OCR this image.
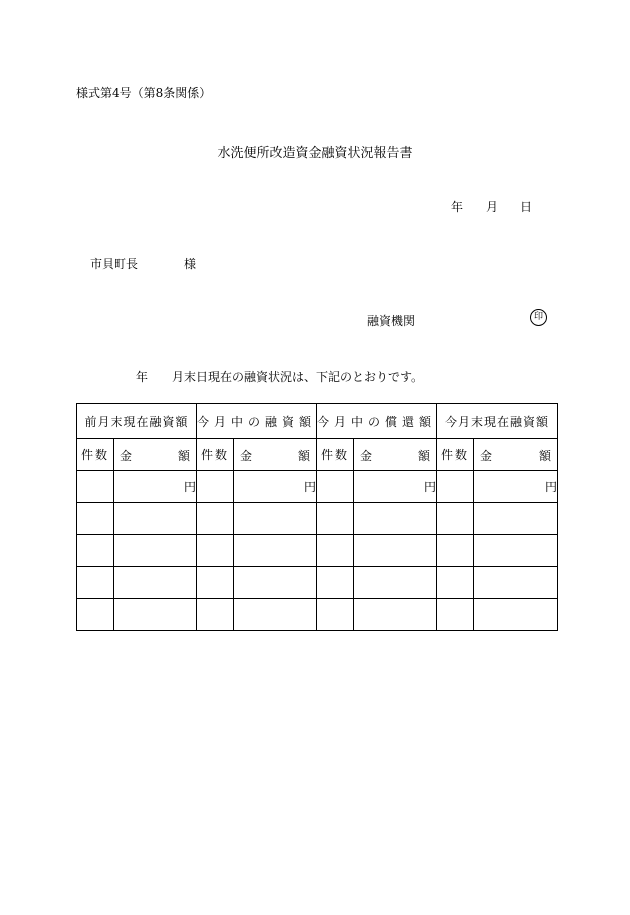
様式第4号（第8条関係）
水洗便所改造資金融資状況報告書
年 月 日
市貝町長	様
融資機関	印
年 月末日現在の融資状況は、下記のとおりです。
前月末現在融資額		今月中の融資額		今月中の償還額		今月末現在融資額	
件数	金 額	件数	金 額	件数	金 額	件数	金 額

	円		円		円		円
